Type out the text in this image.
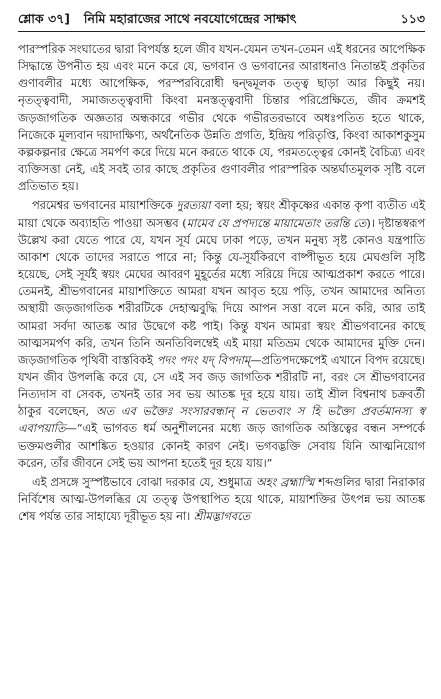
শ্লোক ৩৭]	নিমি মহারাজের সাথে নবযোগেন্দ্রের সাক্ষাৎ	১১৩

পারস্পরিক সংঘাতের দ্বারা বিপর্যস্ত হলে জীব যখন-যেমন তখন-তেমন এই ধরনের আপেক্ষিক সিদ্ধান্তে উপনীত হয় এবং মনে করে যে, ভগবান ও ভগবানের আরাধনাও নিতান্তই প্রকৃতির গুণাবলীর মধ্যে আপেক্ষিক, পরস্পরবিরোধী দ্বন্দ্বমূলক তত্ত্ব ছাড়া আর কিছুই নয়। নৃতত্ত্ববাদী, সমাজতত্ত্ববাদী কিংবা মনস্তত্ত্ববাদী চিন্তার পরিপ্রেক্ষিতে, জীব ক্রমশই জড়জাগতিক অজ্ঞতার অন্ধকারে গভীর থেকে গভীরতরভাবে অধঃপতিত হতে থাকে, নিজেকে মূল্যবান দয়াদাক্ষিণ্য, অর্থনৈতিক উন্নতি প্রগতি, ইন্দ্রিয় পরিতৃপ্তি, কিংবা আকাশকুসুম কল্পকল্পনার ক্ষেত্রে সমর্পণ করে দিয়ে মনে করতে থাকে যে, পরমতত্ত্বের কোনই বৈচিত্র্য এবং ব্যক্তিসত্তা নেই, এই সবই তার কাছে প্রকৃতির গুণাবলীর পারস্পরিক অন্তর্ঘাতমূলক সৃষ্টি বলে প্রতিভাত হয়।

পরমেশ্বর ভগবানের মায়াশক্তিকে দুরত্যয়া বলা হয়; স্বয়ং শ্রীকৃষ্ণের একান্ত কৃপা ব্যতীত এই মায়া থেকে অব্যাহতি পাওয়া অসম্ভব (মামেব যে প্রপদ্যন্তে মায়ামেতাং তরন্তি তে)। দৃষ্টান্তস্বরূপ উল্লেখ করা যেতে পারে যে, যখন সূর্য মেঘে ঢাকা পড়ে, তখন মনুষ্য সৃষ্ট কোনও যন্ত্রপাতি আকাশ থেকে তাদের সরাতে পারে না; কিন্তু যে-সূর্যকিরণে বাষ্পীভূত হয়ে মেঘগুলি সৃষ্টি হয়েছে, সেই সূর্যই স্বয়ং মেঘের আবরণ মুহূর্তের মধ্যে সরিয়ে দিয়ে আত্মপ্রকাশ করতে পারে। তেমনই, শ্রীভগবানের মায়াশক্তিতে আমরা যখন আবৃত হয়ে পড়ি, তখন আমাদের অনিত্য অস্থায়ী জড়জাগতিক শরীরটিকে দেহাত্মবুদ্ধি দিয়ে আপন সত্তা বলে মনে করি, আর তাই আমরা সর্বদা আতঙ্ক আর উদ্বেগে কষ্ট পাই। কিন্তু যখন আমরা স্বয়ং শ্রীভগবানের কাছে আত্মসমর্পণ করি, তখন তিনি অনতিবিলম্বেই এই মায়া মতিভ্রম থেকে আমাদের মুক্তি দেন। জড়জাগতিক পৃথিবী বাস্তবিকই পদং পদং যদ্ বিপদাম্—প্রতিপদক্ষেপেই এখানে বিপদ রয়েছে। যখন জীব উপলব্ধি করে যে, সে এই সব জড় জাগতিক শরীরটি না, বরং সে শ্রীভগবানের নিত্যদাস বা সেবক, তখনই তার সব ভয় আতঙ্ক দূর হয়ে যায়। তাই শ্রীল বিশ্বনাথ চক্রবর্তী ঠাকুর বলেছেন, অত এব ভক্তৈঃ সংসারবন্ধান্ ন ভেতব্যং স হি ভক্ত্যৈ প্রবর্তমানস্য স্ব এবাপয়াতি—“এই ভাগবত ধর্ম অনুশীলনের মধ্যে জড় জাগতিক অস্তিত্বের বন্ধন সম্পর্কে ভক্তমণ্ডলীর আশঙ্কিত হওয়ার কোনই কারণ নেই। ভগবদ্ভক্তি সেবায় যিনি আত্মনিয়োগ করেন, তাঁর জীবনে সেই ভয় আপনা হতেই দূর হয়ে যায়।”

এই প্রসঙ্গে সুস্পষ্টভাবে বোঝা দরকার যে, শুধুমাত্র অহং ব্রহ্মাস্মি শব্দগুলির দ্বারা নিরাকার নির্বিশেষ আত্ম-উপলব্ধির যে তত্ত্ব উপস্থাপিত হয়ে থাকে, মায়াশক্তির উৎপন্ন ভয় আতঙ্ক শেষ পর্যন্ত তার সাহায্যে দূরীভূত হয় না। শ্রীমদ্ভাগবতে
